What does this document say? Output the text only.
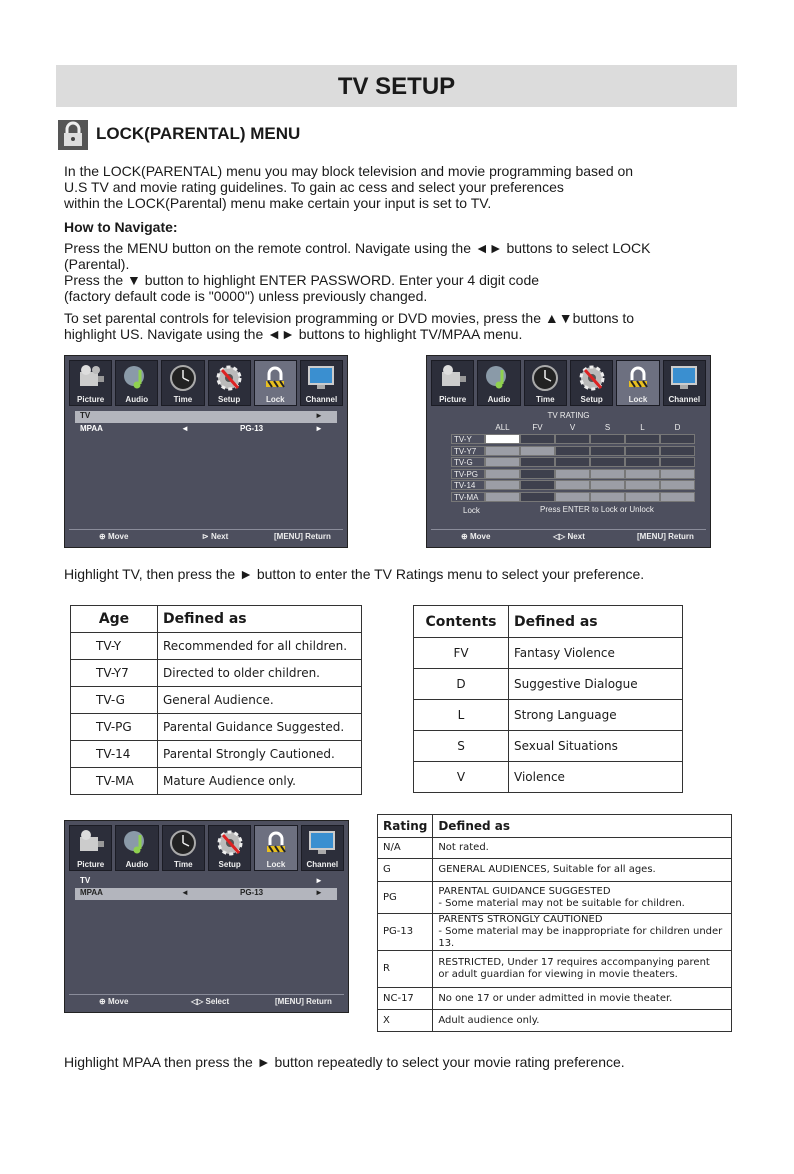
TV SETUP
LOCK(PARENTAL) MENU
In the LOCK(PARENTAL) menu you may block television and movie programming based on
U.S TV and movie rating guidelines. To gain ac cess and select your preferences
within the LOCK(Parental) menu make certain your input is set to TV.
How to Navigate:
Press the MENU button on the remote control. Navigate using the ◄► buttons to select LOCK
(Parental).
Press the ▼ button to highlight ENTER PASSWORD. Enter your 4 digit code
(factory default code is "0000") unless previously changed.
To set parental controls for television programming or DVD movies, press the ▲▼buttons to
highlight US. Navigate using the ◄► buttons to highlight TV/MPAA menu.
Picture	Audio	Time	Setup	Lock	Channel
TV	►
MPAA	◄	PG-13	►
⊕ Move	⊳ Next	[MENU] Return
Picture	Audio	Time	Setup	Lock	Channel
TV RATING
ALL	FV	V	S	L	D
TV-Y
TV-Y7
TV-G
TV-PG
TV-14
TV-MA
Lock	Press ENTER to Lock or Unlock
⊕ Move	◁▷ Next	[MENU] Return
Highlight TV, then press the ► button to enter the TV Ratings menu to select your preference.
Age	Defined as
TV-Y	Recommended for all children.
TV-Y7	Directed to older children.
TV-G	General Audience.
TV-PG	Parental Guidance Suggested.
TV-14	Parental Strongly Cautioned.
TV-MA	Mature Audience only.
Contents	Defined as
FV	Fantasy Violence
D	Suggestive Dialogue
L	Strong Language
S	Sexual Situations
V	Violence
Picture	Audio	Time	Setup	Lock	Channel
TV	►
MPAA	◄	PG-13	►
⊕ Move	◁▷ Select	[MENU] Return
Rating	Defined as
N/A	Not rated.

G	GENERAL AUDIENCES, Suitable for all ages.

PG	PARENTAL GUIDANCE SUGGESTED
- Some material may not be suitable for children.

PG-13	PARENTS STRONGLY CAUTIONED
- Some material may be inappropriate for children under 13.

R	RESTRICTED, Under 17 requires accompanying parent
or adult guardian for viewing in movie theaters.

NC-17	No one 17 or under admitted in movie theater.

X	Adult audience only.
Highlight MPAA then press the ► button repeatedly to select your movie rating preference.
